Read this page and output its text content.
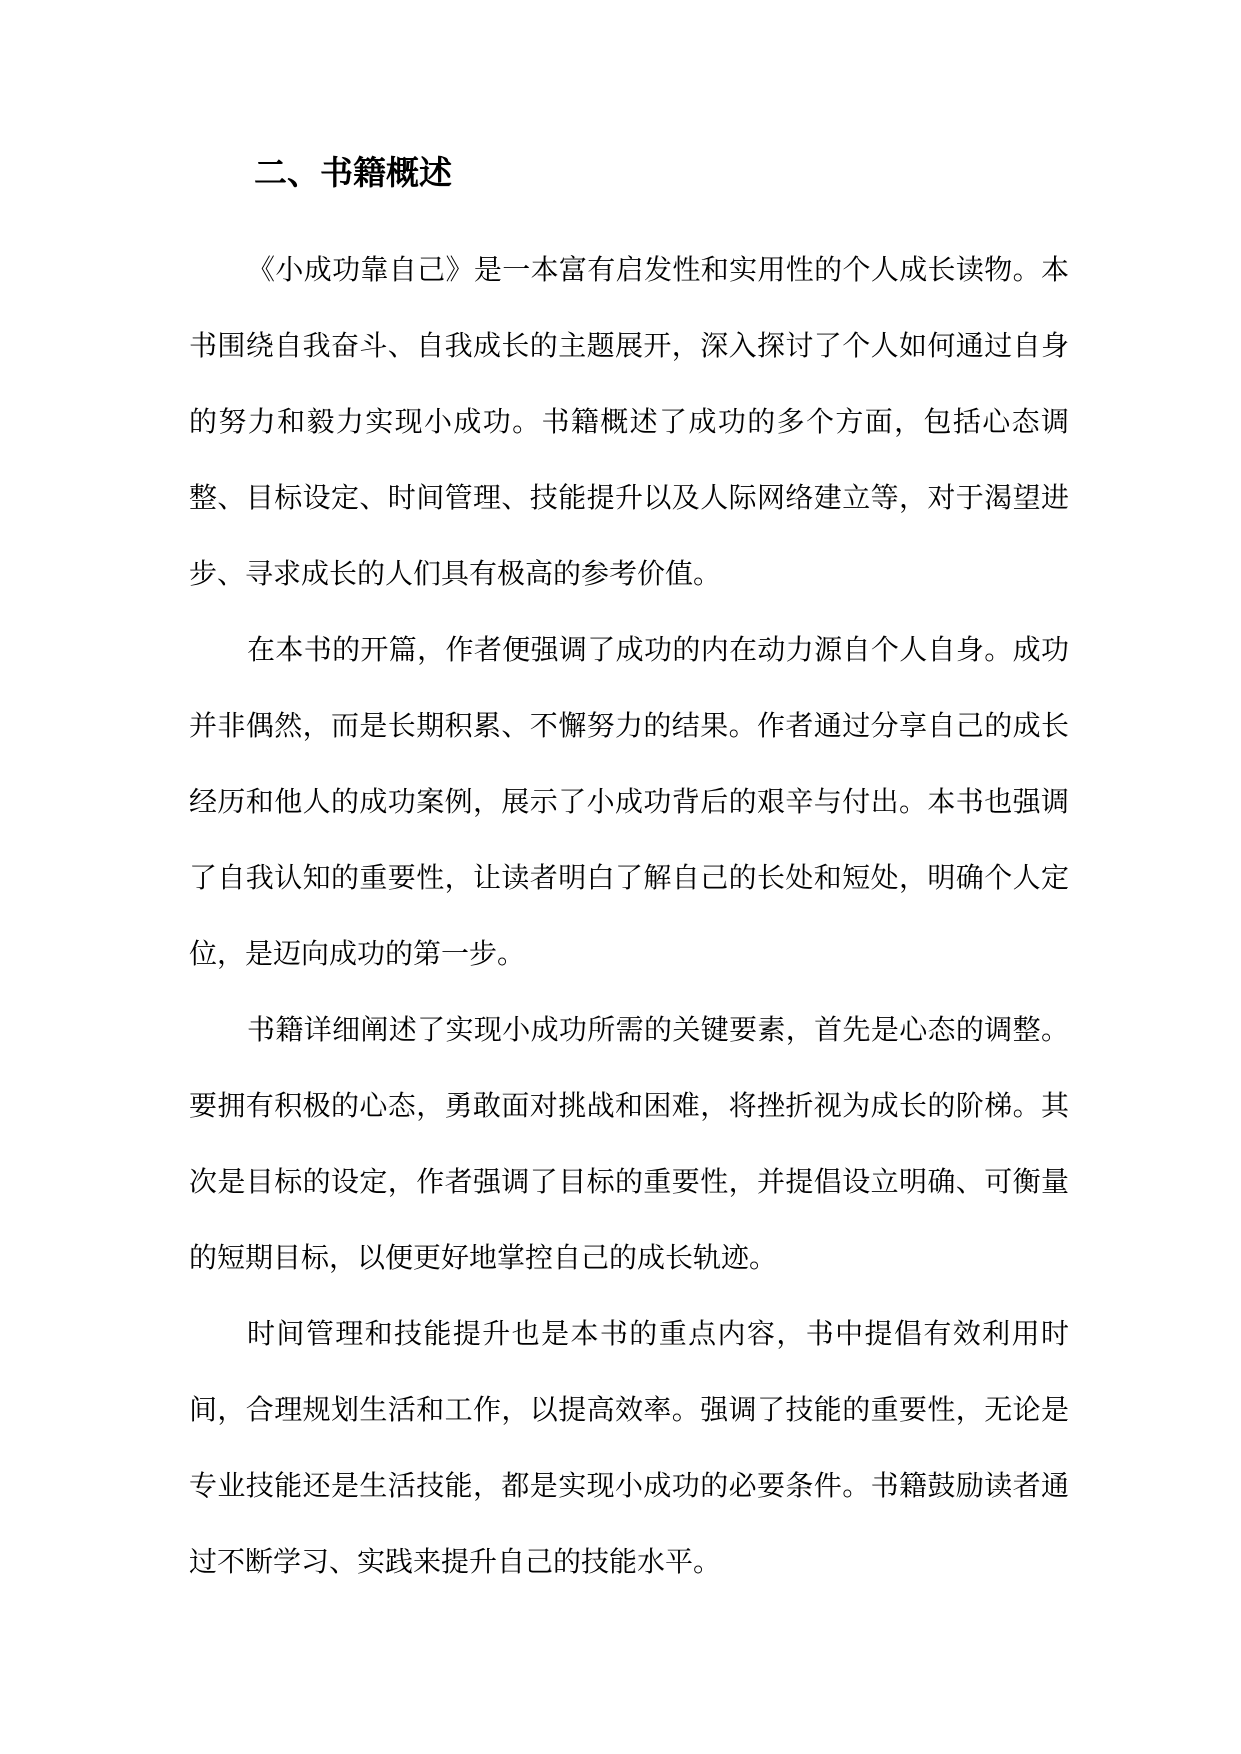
二、书籍概述

《小成功靠自己》是一本富有启发性和实用性的个人成长读物。本书围绕自我奋斗、自我成长的主题展开，深入探讨了个人如何通过自身的努力和毅力实现小成功。书籍概述了成功的多个方面，包括心态调整、目标设定、时间管理、技能提升以及人际网络建立等，对于渴望进步、寻求成长的人们具有极高的参考价值。

在本书的开篇，作者便强调了成功的内在动力源自个人自身。成功并非偶然，而是长期积累、不懈努力的结果。作者通过分享自己的成长经历和他人的成功案例，展示了小成功背后的艰辛与付出。本书也强调了自我认知的重要性，让读者明白了解自己的长处和短处，明确个人定位，是迈向成功的第一步。

书籍详细阐述了实现小成功所需的关键要素，首先是心态的调整。要拥有积极的心态，勇敢面对挑战和困难，将挫折视为成长的阶梯。其次是目标的设定，作者强调了目标的重要性，并提倡设立明确、可衡量的短期目标，以便更好地掌控自己的成长轨迹。

时间管理和技能提升也是本书的重点内容，书中提倡有效利用时间，合理规划生活和工作，以提高效率。强调了技能的重要性，无论是专业技能还是生活技能，都是实现小成功的必要条件。书籍鼓励读者通过不断学习、实践来提升自己的技能水平。
